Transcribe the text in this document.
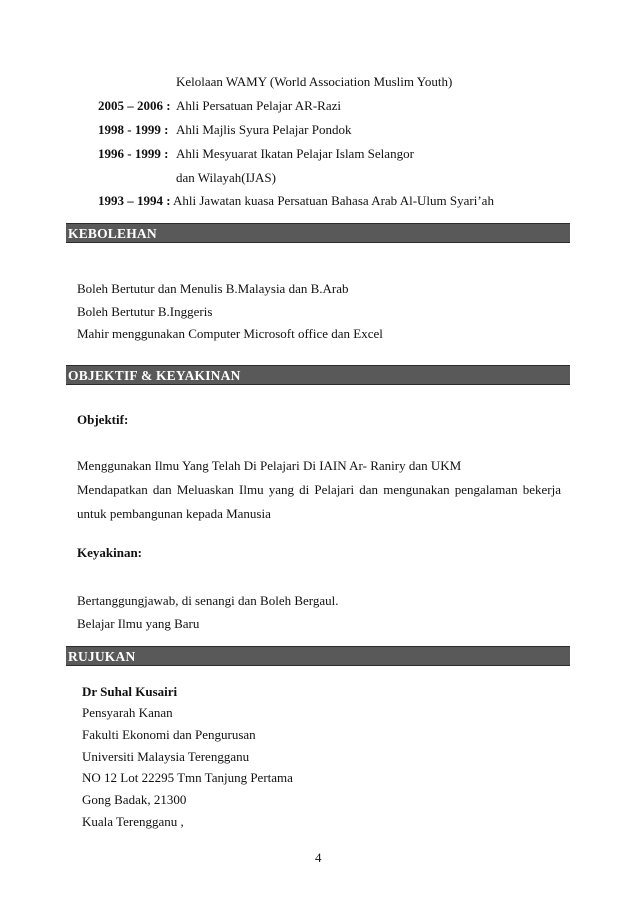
Kelolaan WAMY (World Association Muslim Youth)
2005 – 2006 : Ahli Persatuan Pelajar AR-Razi
1998 - 1999 : Ahli Majlis Syura Pelajar Pondok
1996 - 1999 : Ahli Mesyuarat Ikatan Pelajar Islam Selangor
dan Wilayah(IJAS)
1993 – 1994 : Ahli Jawatan kuasa Persatuan Bahasa Arab Al-Ulum Syari’ah
KEBOLEHAN
Boleh Bertutur dan Menulis B.Malaysia dan B.Arab
Boleh Bertutur B.Inggeris
Mahir menggunakan Computer Microsoft office dan Excel
OBJEKTIF & KEYAKINAN
Objektif:
Menggunakan Ilmu Yang Telah Di Pelajari Di IAIN Ar- Raniry dan UKM
Mendapatkan dan Meluaskan Ilmu yang di Pelajari dan mengunakan pengalaman bekerja
untuk pembangunan kepada Manusia
Keyakinan:
Bertanggungjawab, di senangi dan Boleh Bergaul.
Belajar Ilmu yang Baru
RUJUKAN
Dr Suhal Kusairi
Pensyarah Kanan
Fakulti Ekonomi dan Pengurusan
Universiti Malaysia Terengganu
NO 12 Lot 22295 Tmn Tanjung Pertama
Gong Badak, 21300
Kuala Terengganu ,
4
